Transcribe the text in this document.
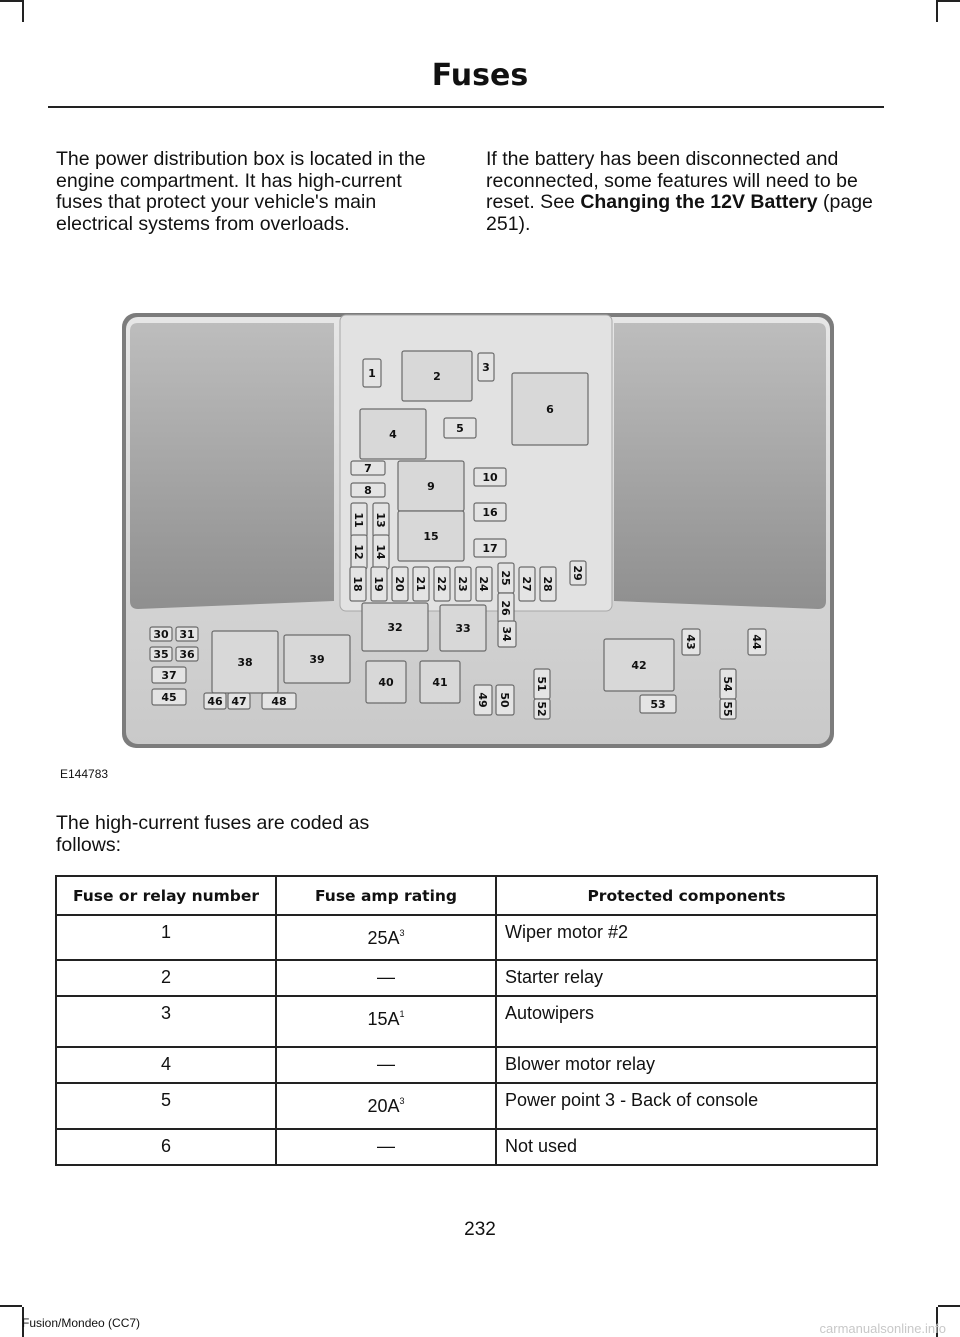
Fuses
The power distribution box is located in the engine compartment. It has high-current fuses that protect your vehicle's main electrical systems from overloads.
If the battery has been disconnected and reconnected, some features will need to be reset. See Changing the 12V Battery (page 251).
1	2
3
4	5
6
7
8	9
10
11
12
13
14
15
16
17
18 19 20 21 22 23 24 25
26
27 28
29
30 31
32	33	34
35 36
37
38	39
40	41
42
43	44
45	46 47 48	49 50
51
52	53
54
55
E144783
The high-current fuses are coded as follows:
Fuse or relay number	Fuse amp rating	Protected components
1	$25A^3$	Wiper motor #2
2	—	Starter relay
3	$15A^1$	Autowipers
4	—	Blower motor relay
5	$20A^3$	Power point 3 - Back of console
6	—	Not used
232
Fusion/Mondeo (CC7)	carmanualsonline.info
